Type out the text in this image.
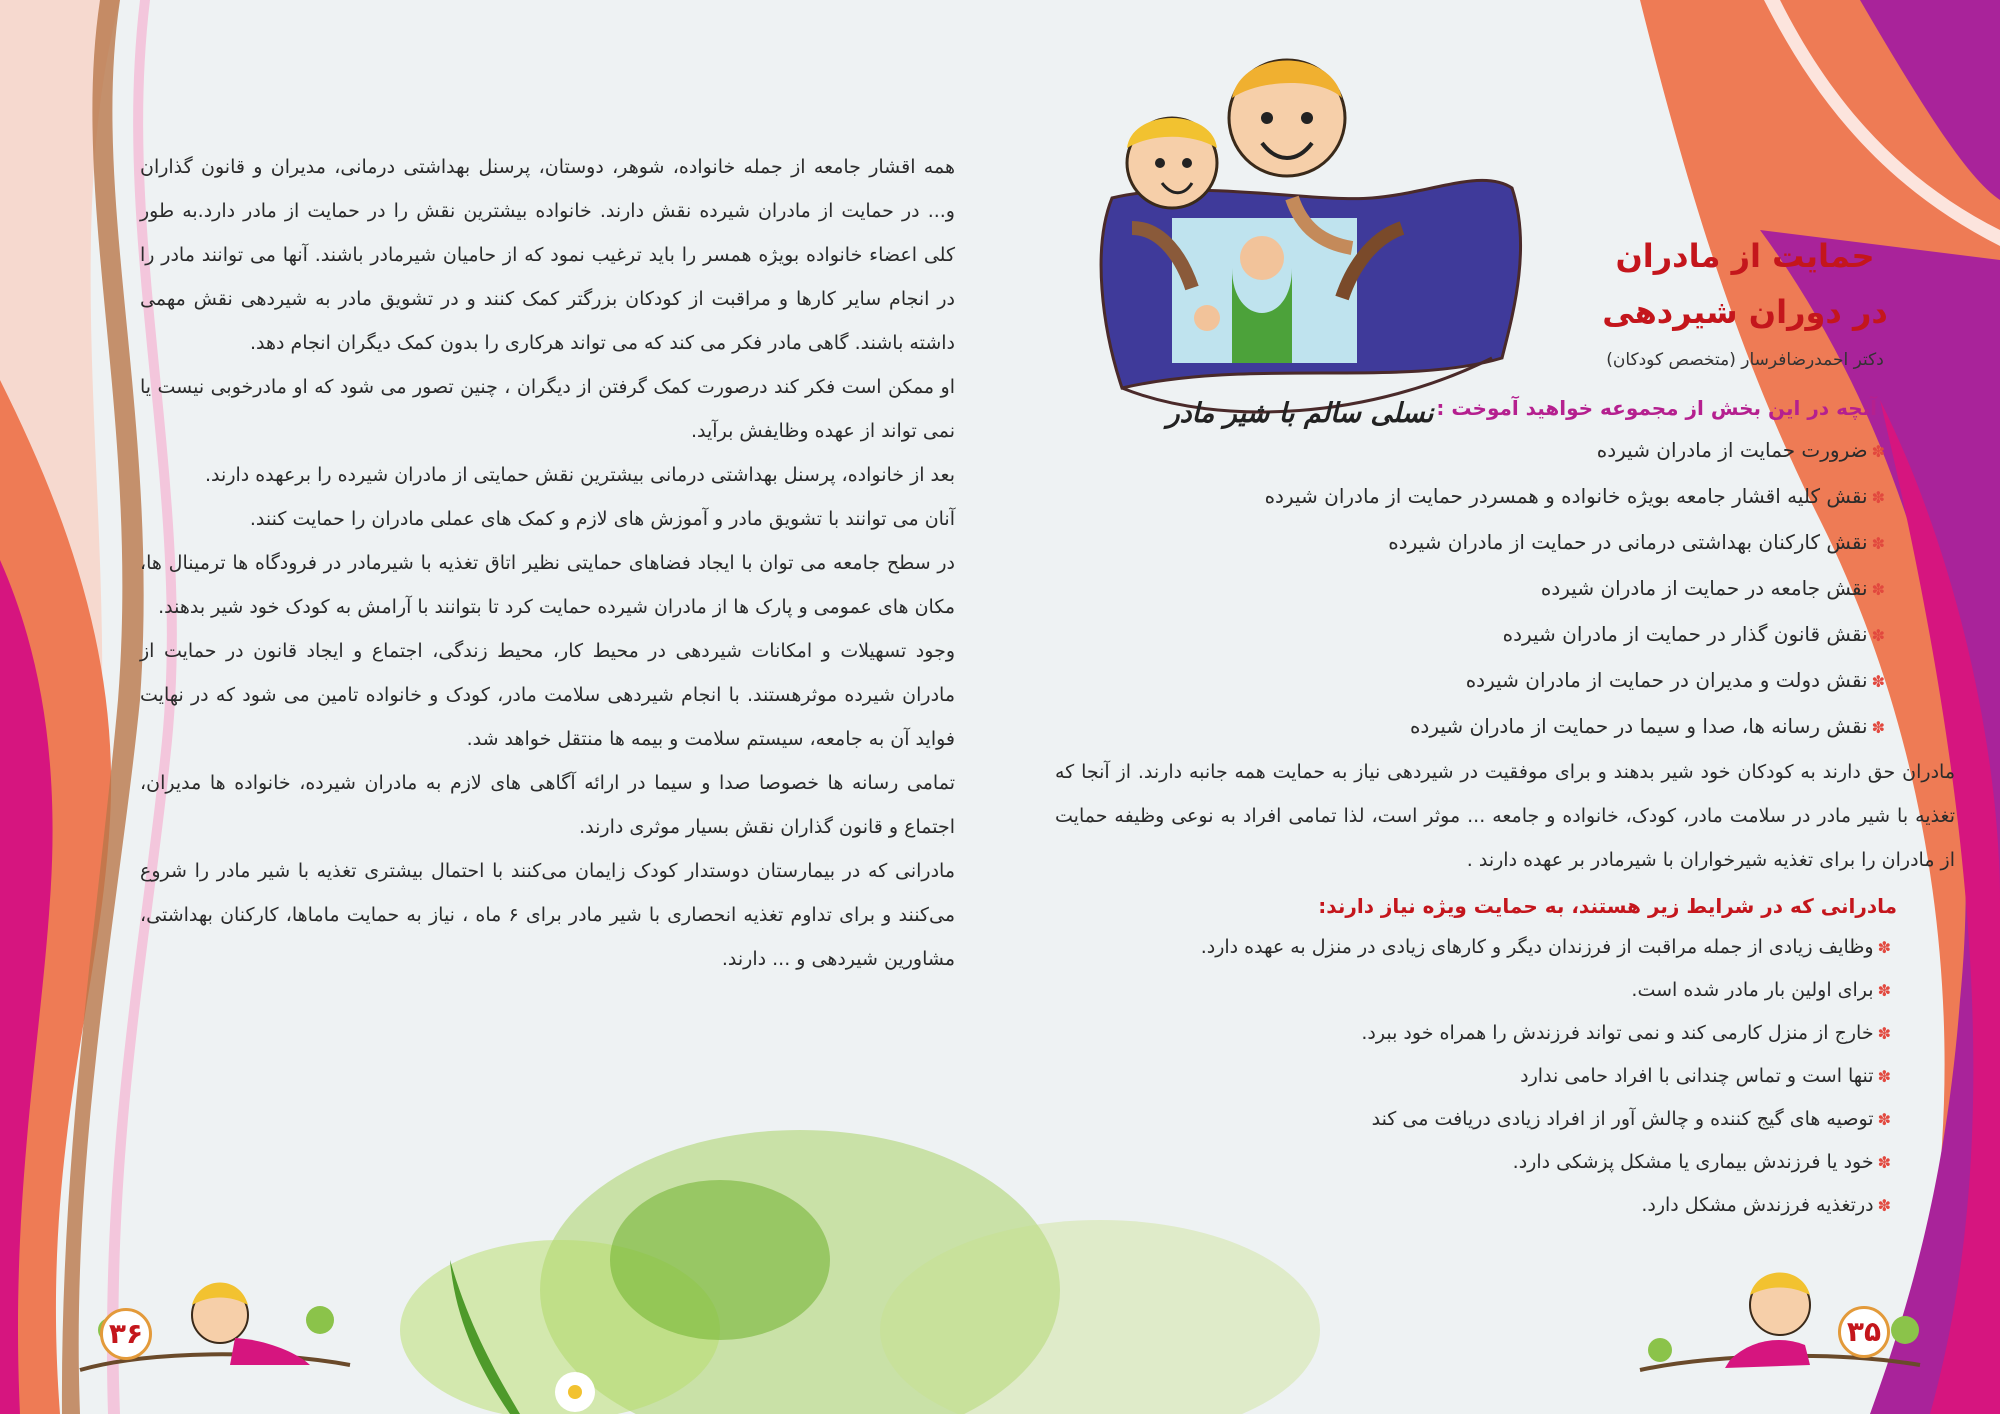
نسلی سالم با شیر مادر

همه اقشار جامعه از جمله خانواده، شوهر، دوستان، پرسنل بهداشتی درمانی، مدیران و قانون گذاران و... در حمایت از مادران شیرده نقش دارند. خانواده بیشترین نقش را در حمایت از مادر دارد.به طور کلی اعضاء خانواده بویژه همسر را باید ترغیب نمود که از حامیان شیرمادر باشند. آنها می توانند مادر را در انجام سایر کارها و مراقبت از کودکان بزرگتر کمک کنند و در تشویق مادر به شیردهی نقش مهمی داشته باشند. گاهی مادر فکر می کند که می تواند هرکاری را بدون کمک دیگران انجام دهد.

او ممکن است فکر کند درصورت کمک گرفتن از دیگران ، چنین تصور می شود که او مادرخوبی نیست یا نمی تواند از عهده وظایفش برآید.

بعد از خانواده، پرسنل بهداشتی درمانی بیشترین نقش حمایتی از مادران شیرده را برعهده دارند.

آنان می توانند با تشویق مادر و آموزش های لازم و کمک های عملی مادران را حمایت کنند.

در سطح جامعه می توان با ایجاد فضاهای حمایتی نظیر اتاق تغذیه با شیرمادر در فرودگاه ها ترمینال ها، مکان های عمومی و پارک ها از مادران شیرده حمایت کرد تا بتوانند با آرامش به کودک خود شیر بدهند.

وجود تسهیلات و امکانات شیردهی در محیط کار، محیط زندگی، اجتماع و ایجاد قانون در حمایت از مادران شیرده موثرهستند. با انجام شیردهی سلامت مادر، کودک و خانواده تامین می شود که در نهایت فواید آن به جامعه، سیستم سلامت و بیمه ها منتقل خواهد شد.

تمامی رسانه ها خصوصا صدا و سیما در ارائه آگاهی های لازم به مادران شیرده، خانواده ها مدیران، اجتماع و قانون گذاران نقش بسیار موثری دارند.

مادرانی که در بیمارستان دوستدار کودک زایمان می‌کنند با احتمال بیشتری تغذیه با شیر مادر را شروع می‌کنند و برای تداوم تغذیه انحصاری با شیر مادر برای ۶ ماه ، نیاز به حمایت ماماها، کارکنان بهداشتی، مشاورین شیردهی و ... دارند.

حمایت از مادران
در دوران شیردهی
دکتر احمدرضافرسار (متخصص کودکان)
آنچه در این بخش از مجموعه خواهید آموخت :
✽ضرورت حمایت از مادران شیرده
✽نقش کلیه اقشار جامعه بویژه خانواده و همسردر حمایت از مادران شیرده
✽نقش کارکنان بهداشتی درمانی در حمایت از مادران شیرده
✽نقش جامعه در حمایت از مادران شیرده
✽نقش قانون گذار در حمایت از مادران شیرده
✽نقش دولت و مدیران در حمایت از مادران شیرده
✽نقش رسانه ها، صدا و سیما در حمایت از مادران شیرده

مادران حق دارند به کودکان خود شیر بدهند و برای موفقیت در شیردهی نیاز به حمایت همه جانبه دارند. از آنجا که تغذیه با شیر مادر در سلامت مادر، کودک، خانواده و جامعه ... موثر است، لذا تمامی افراد به نوعی وظیفه حمایت از مادران را برای تغذیه شیرخواران با شیرمادر بر عهده دارند .

مادرانی که در شرایط زیر هستند، به حمایت ویژه نیاز دارند:
✽وظایف زیادی از جمله مراقبت از فرزندان دیگر و کارهای زیادی در منزل به عهده دارد.
✽برای اولین بار مادر شده است.
✽خارج از منزل کارمی کند و نمی تواند فرزندش را همراه خود ببرد.
✽تنها است و تماس چندانی با افراد حامی ندارد
✽توصیه های گیج کننده و چالش آور از افراد زیادی دریافت می کند
✽خود یا فرزندش بیماری یا مشکل پزشکی دارد.
✽درتغذیه فرزندش مشکل دارد.
۳۶	۳۵
